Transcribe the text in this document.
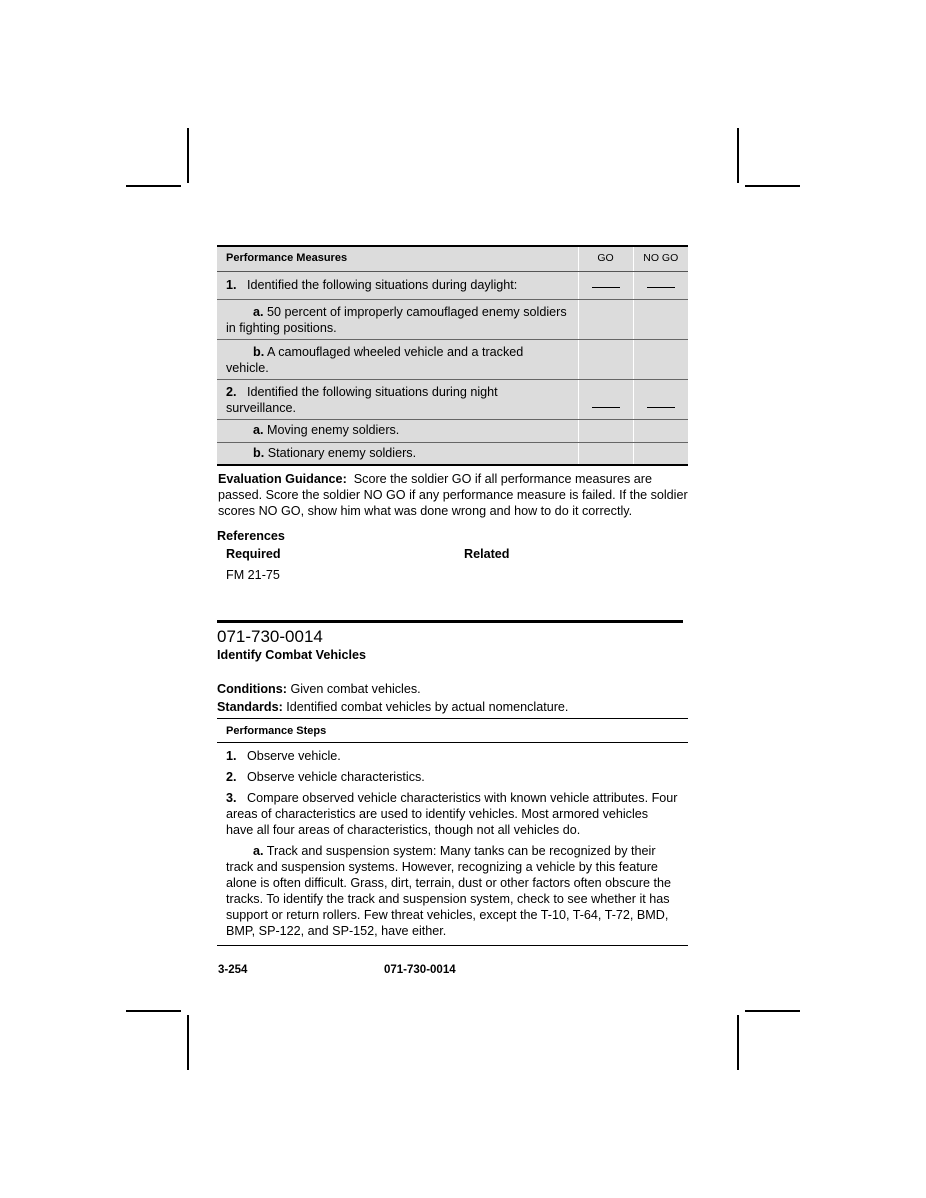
Performance Measures	GO	NO GO
1. Identified the following situations during daylight:		
a. 50 percent of improperly camouflaged enemy soldiers in fighting positions.		
b. A camouflaged wheeled vehicle and a tracked vehicle.		
2. Identified the following situations during night surveillance.		
a. Moving enemy soldiers.		
b. Stationary enemy soldiers.		
Evaluation Guidance: Score the soldier GO if all performance measures are passed. Score the soldier NO GO if any performance measure is failed. If the soldier scores NO GO, show him what was done wrong and how to do it correctly.
References
Required	Related
FM 21-75
071-730-0014
Identify Combat Vehicles
Conditions: Given combat vehicles.
Standards: Identified combat vehicles by actual nomenclature.
Performance Steps

1. Observe vehicle.

2. Observe vehicle characteristics.

3. Compare observed vehicle characteristics with known vehicle attributes. Four areas of characteristics are used to identify vehicles. Most armored vehicles have all four areas of characteristics, though not all vehicles do.

a. Track and suspension system: Many tanks can be recognized by their track and suspension systems. However, recognizing a vehicle by this feature alone is often difficult. Grass, dirt, terrain, dust or other factors often obscure the tracks. To identify the track and suspension system, check to see whether it has support or return rollers. Few threat vehicles, except the T-10, T-64, T-72, BMD, BMP, SP-122, and SP-152, have either.

3-254	071-730-0014
